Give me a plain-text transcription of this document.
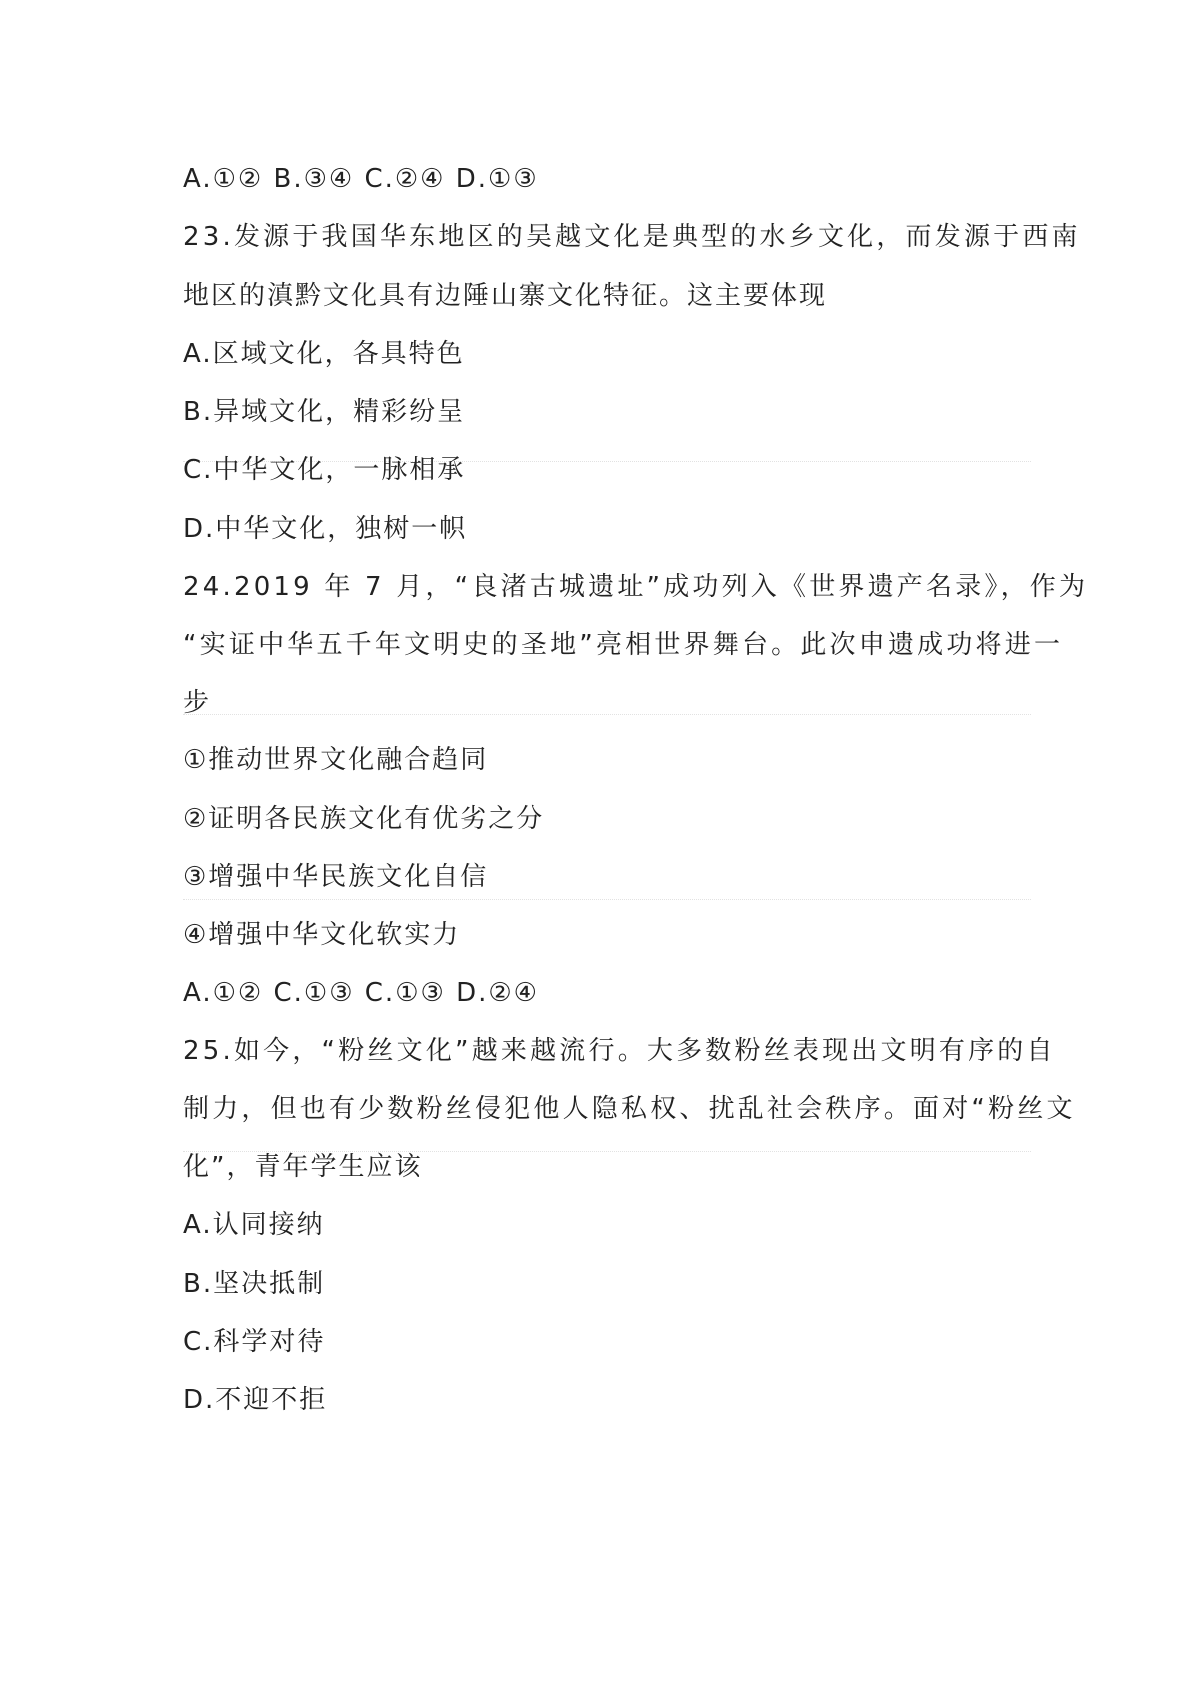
A.①② B.③④ C.②④ D.①③
23.发源于我国华东地区的吴越文化是典型的水乡文化，而发源于西南
地区的滇黔文化具有边陲山寨文化特征。这主要体现
A.区域文化，各具特色
B.异域文化，精彩纷呈
C.中华文化，一脉相承
D.中华文化，独树一帜
24.2019 年 7 月，“良渚古城遗址”成功列入《世界遗产名录》，作为
“实证中华五千年文明史的圣地”亮相世界舞台。此次申遗成功将进一
步
①推动世界文化融合趋同
②证明各民族文化有优劣之分
③增强中华民族文化自信
④增强中华文化软实力
A.①② C.①③ C.①③ D.②④
25.如今，“粉丝文化”越来越流行。大多数粉丝表现出文明有序的自
制力，但也有少数粉丝侵犯他人隐私权、扰乱社会秩序。面对“粉丝文
化”，青年学生应该
A.认同接纳
B.坚决抵制
C.科学对待
D.不迎不拒
